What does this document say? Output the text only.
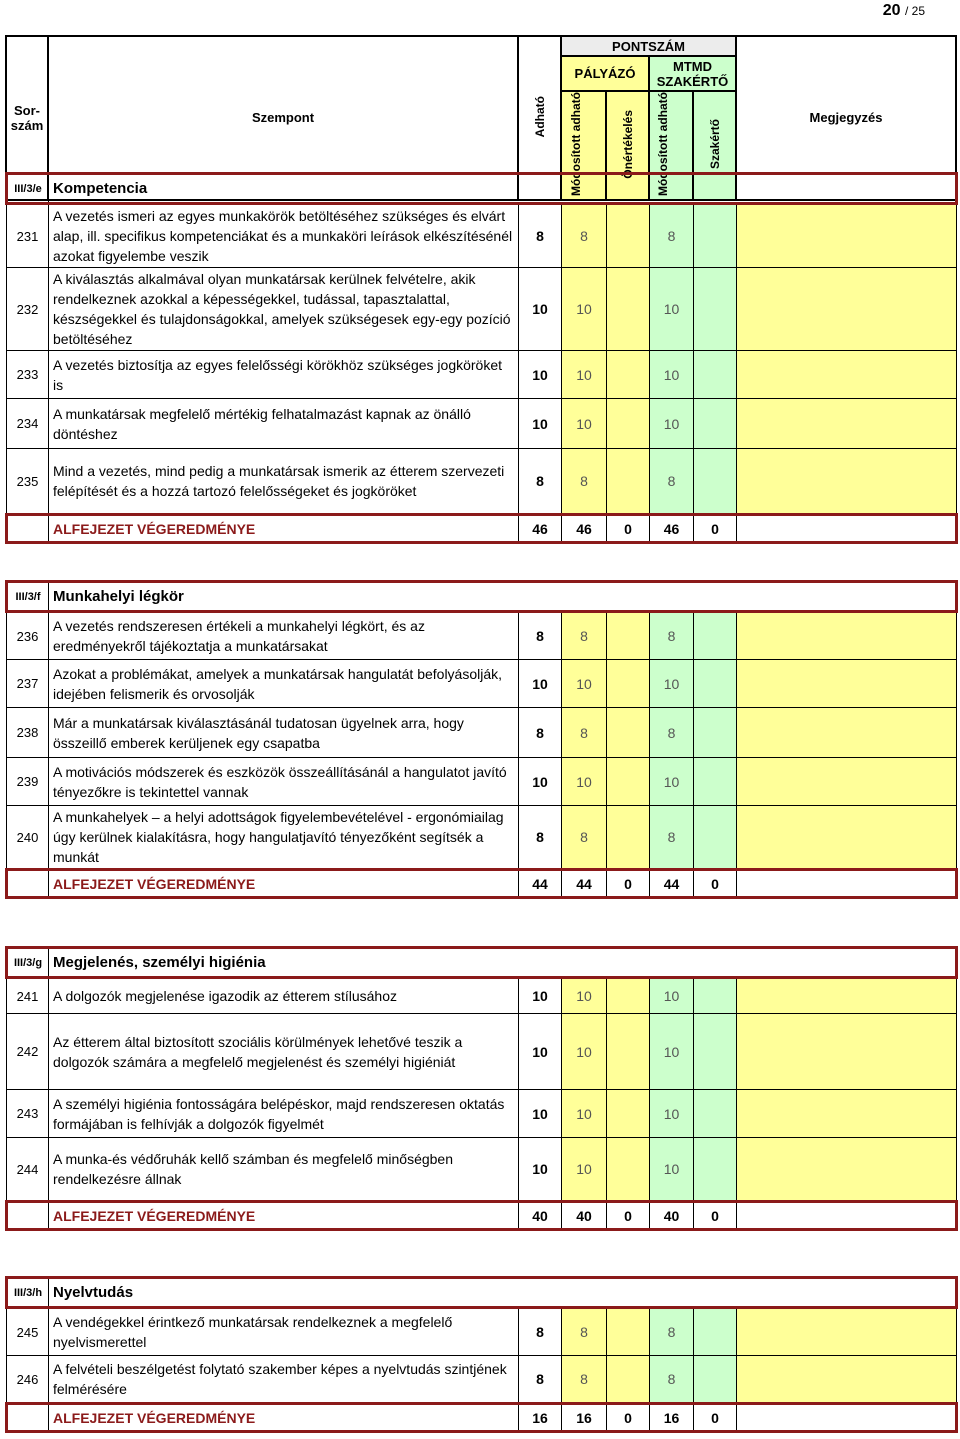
20 / 25
Sor-
szám	Szempont	Adható	PONTSZÁM				Megjegyzés
			PÁLYÁZÓ		MTMD
SZAKÉRTŐ		
			Módosított adható	Önértékelés	Módosított adható	Szakértő	
III/3/e	Kompetencia						
231	A vezetés ismeri az egyes munkakörök betöltéséhez szükséges és elvárt alap, ill. specifikus kompetenciákat és a munkaköri leírások elkészítésénél azokat figyelembe veszik	8	8		8		
232	A kiválasztás alkalmával olyan munkatársak kerülnek felvételre, akik rendelkeznek azokkal a képességekkel, tudással, tapasztalattal, készségekkel és tulajdonságokkal, amelyek szükségesek egy-egy pozíció betöltéséhez	10	10		10		
233	A vezetés biztosítja az egyes felelősségi körökhöz szükséges jogköröket is	10	10		10		
234	A munkatársak megfelelő mértékig felhatalmazást kapnak az önálló döntéshez	10	10		10		
235	Mind a vezetés, mind pedig a munkatársak ismerik az étterem szervezeti felépítését és a hozzá tartozó felelősségeket és jogköröket	8	8		8		
	ALFEJEZET VÉGEREDMÉNYE	46	46	0	46	0	
III/3/f	Munkahelyi légkör						
236	A vezetés rendszeresen értékeli a munkahelyi légkört, és az eredményekről tájékoztatja a munkatársakat	8	8		8		
237	Azokat a problémákat, amelyek a munkatársak hangulatát befolyásolják, idejében felismerik és orvosolják	10	10		10		
238	Már a munkatársak kiválasztásánál tudatosan ügyelnek arra, hogy összeillő emberek kerüljenek egy csapatba	8	8		8		
239	A motivációs módszerek és eszközök összeállításánál a hangulatot javító tényezőkre is tekintettel vannak	10	10		10		
240	A munkahelyek – a helyi adottságok figyelembevételével - ergonómiailag úgy kerülnek kialakításra, hogy hangulatjavító tényezőként segítsék a munkát	8	8		8		
	ALFEJEZET VÉGEREDMÉNYE	44	44	0	44	0	
III/3/g	Megjelenés, személyi higiénia						
241	A dolgozók megjelenése igazodik az étterem stílusához	10	10		10		
242	Az étterem által biztosított szociális körülmények lehetővé teszik a dolgozók számára a megfelelő megjelenést és személyi higiéniát	10	10		10		
243	A személyi higiénia fontosságára belépéskor, majd rendszeresen oktatás formájában is felhívják a dolgozók figyelmét	10	10		10		
244	A munka-és védőruhák kellő számban és megfelelő minőségben rendelkezésre állnak	10	10		10		
	ALFEJEZET VÉGEREDMÉNYE	40	40	0	40	0	
III/3/h	Nyelvtudás						
245	A vendégekkel érintkező munkatársak rendelkeznek a megfelelő nyelvismerettel	8	8		8		
246	A felvételi beszélgetést folytató szakember képes a nyelvtudás szintjének felmérésére	8	8		8		
	ALFEJEZET VÉGEREDMÉNYE	16	16	0	16	0	
